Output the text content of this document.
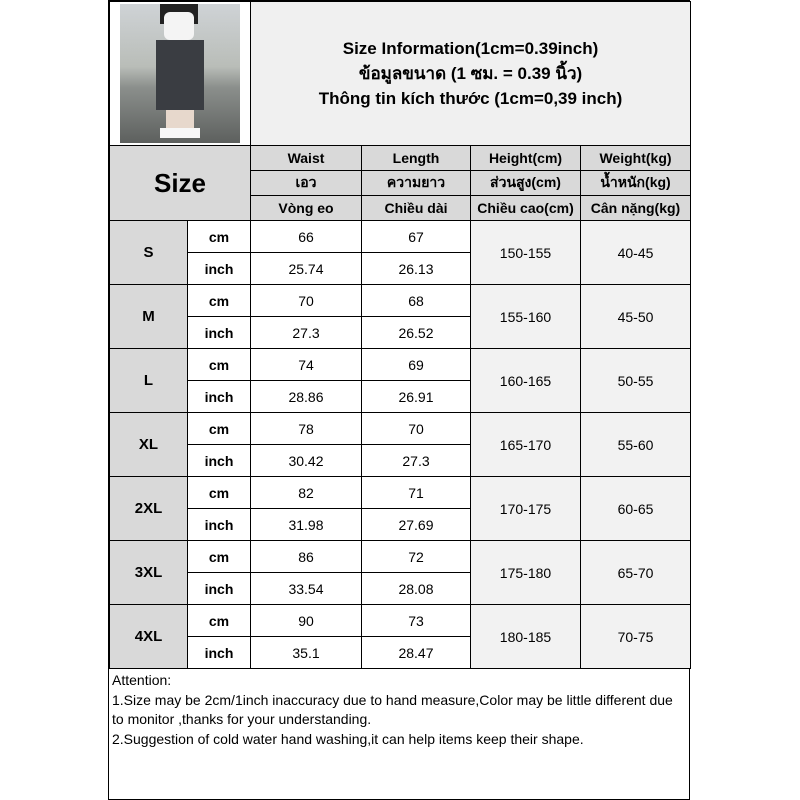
		Size Information(1cm=0.39inch)
ข้อมูลขนาด (1 ซม. = 0.39 นิ้ว)
Thông tin kích thước (1cm=0,39 inch)			

Size		Waist	Length	Height(cm)	Weight(kg)
		เอว	ความยาว	ส่วนสูง(cm)	น้ำหนัก(kg)
		Vòng eo	Chiều dài	Chiều cao(cm)	Cân nặng(kg)
S	cm	66	67	150-155	40-45
	inch	25.74	26.13		
M	cm	70	68	155-160	45-50
	inch	27.3	26.52		
L	cm	74	69	160-165	50-55
	inch	28.86	26.91		
XL	cm	78	70	165-170	55-60
	inch	30.42	27.3		
2XL	cm	82	71	170-175	60-65
	inch	31.98	27.69		
3XL	cm	86	72	175-180	65-70
	inch	33.54	28.08		
4XL	cm	90	73	180-185	70-75
	inch	35.1	28.47		
Attention:
1.Size may be 2cm/1inch inaccuracy due to hand measure,Color may be little different due to monitor ,thanks for your understanding.
2.Suggestion of cold water hand washing,it can help items keep their shape.
